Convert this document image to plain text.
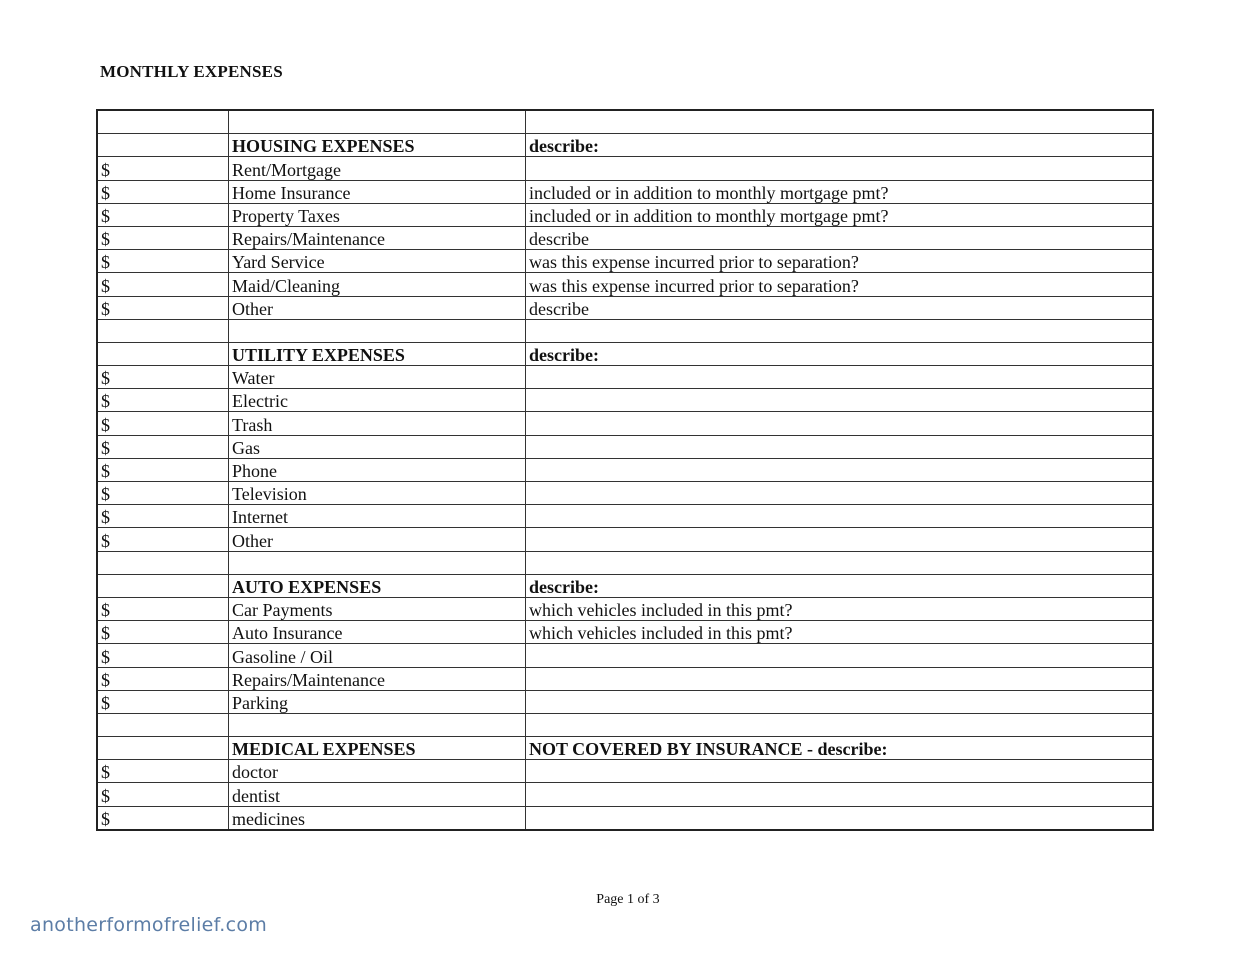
MONTHLY EXPENSES

	HOUSING EXPENSES	describe:
$	Rent/Mortgage	
$	Home Insurance	included or in addition to monthly mortgage pmt?
$	Property Taxes	included or in addition to monthly mortgage pmt?
$	Repairs/Maintenance	describe
$	Yard Service	was this expense incurred prior to separation?
$	Maid/Cleaning	was this expense incurred prior to separation?
$	Other	describe

	UTILITY EXPENSES	describe:
$	Water	
$	Electric	
$	Trash	
$	Gas	
$	Phone	
$	Television	
$	Internet	
$	Other	

	AUTO EXPENSES	describe:
$	Car Payments	which vehicles included in this pmt?
$	Auto Insurance	which vehicles included in this pmt?
$	Gasoline / Oil	
$	Repairs/Maintenance	
$	Parking	

	MEDICAL EXPENSES	NOT COVERED BY INSURANCE - describe:
$	doctor	
$	dentist	
$	medicines	
Page 1 of 3
anotherformofrelief.com
